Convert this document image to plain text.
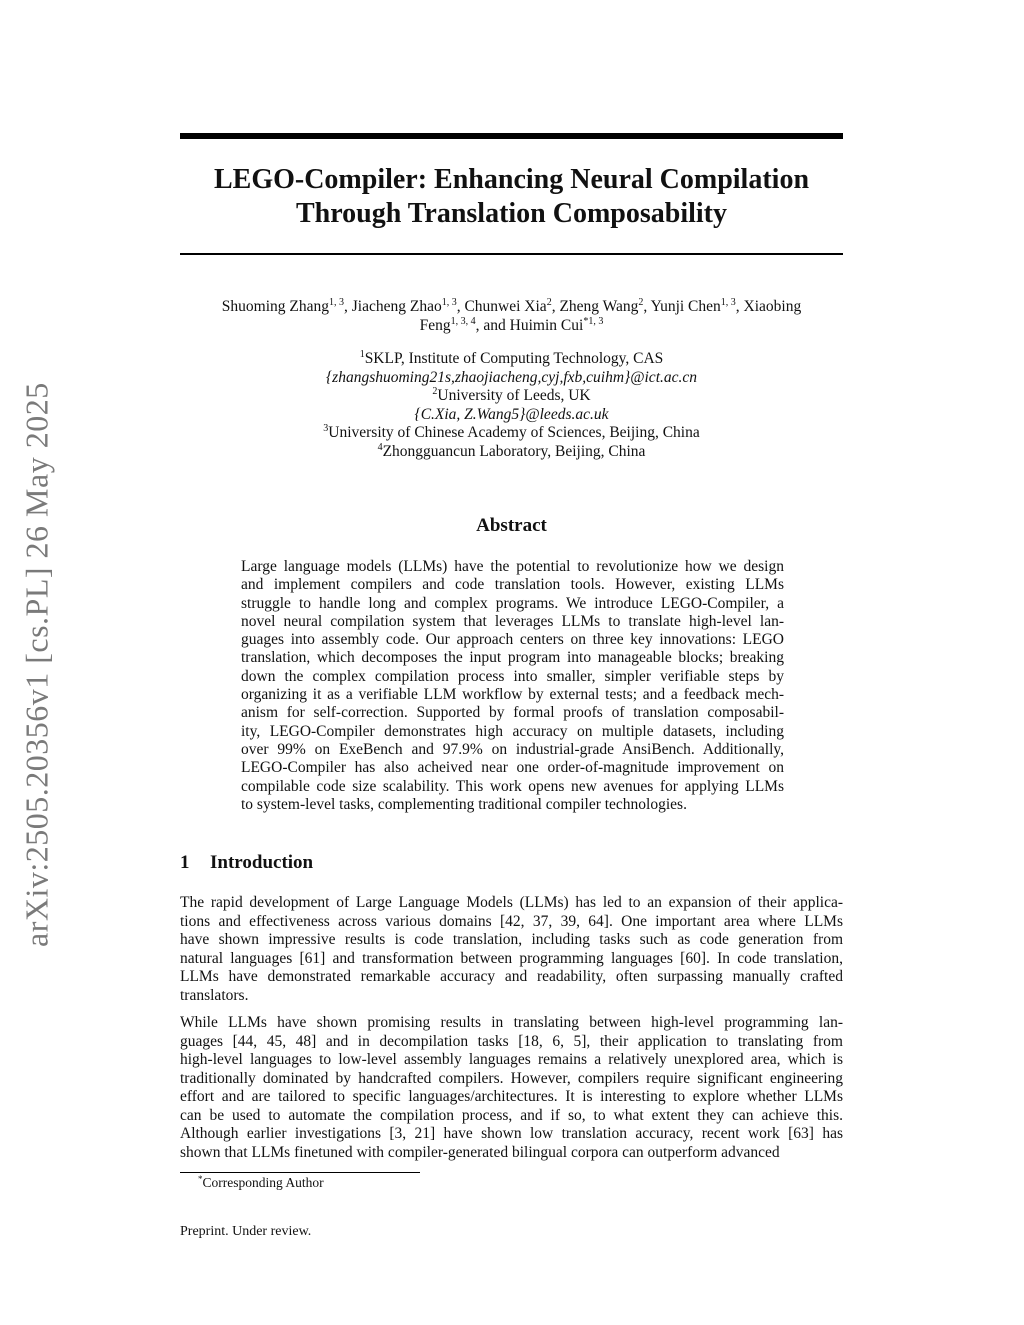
arXiv:2505.20356v1 [cs.PL] 26 May 2025
LEGO-Compiler: Enhancing Neural Compilation
Through Translation Composability
Shuoming Zhang$^{1, 3}$, Jiacheng Zhao$^{1, 3}$, Chunwei Xia$^2$, Zheng Wang$^2$, Yunji Chen$^{1, 3}$, Xiaobing
Feng$^{1, 3, 4}$, and Huimin Cui$^{*1, 3}$
$^1$SKLP, Institute of Computing Technology, CAS
{zhangshuoming21s,zhaojiacheng,cyj,fxb,cuihm}@ict.ac.cn
$^2$University of Leeds, UK
{C.Xia, Z.Wang5}@leeds.ac.uk
$^3$University of Chinese Academy of Sciences, Beijing, China
$^4$Zhongguancun Laboratory, Beijing, China
Abstract
Large language models (LLMs) have the potential to revolutionize how we design
and implement compilers and code translation tools. However, existing LLMs
struggle to handle long and complex programs. We introduce LEGO-Compiler, a
novel neural compilation system that leverages LLMs to translate high-level lan-
guages into assembly code. Our approach centers on three key innovations: LEGO
translation, which decomposes the input program into manageable blocks; breaking
down the complex compilation process into smaller, simpler verifiable steps by
organizing it as a verifiable LLM workflow by external tests; and a feedback mech-
anism for self-correction. Supported by formal proofs of translation composabil-
ity, LEGO-Compiler demonstrates high accuracy on multiple datasets, including
over 99% on ExeBench and 97.9% on industrial-grade AnsiBench. Additionally,
LEGO-Compiler has also acheived near one order-of-magnitude improvement on
compilable code size scalability. This work opens new avenues for applying LLMs
to system-level tasks, complementing traditional compiler technologies.
1 Introduction
The rapid development of Large Language Models (LLMs) has led to an expansion of their applica-
tions and effectiveness across various domains [42, 37, 39, 64]. One important area where LLMs
have shown impressive results is code translation, including tasks such as code generation from
natural languages [61] and transformation between programming languages [60]. In code translation,
LLMs have demonstrated remarkable accuracy and readability, often surpassing manually crafted
translators.
While LLMs have shown promising results in translating between high-level programming lan-
guages [44, 45, 48] and in decompilation tasks [18, 6, 5], their application to translating from
high-level languages to low-level assembly languages remains a relatively unexplored area, which is
traditionally dominated by handcrafted compilers. However, compilers require significant engineering
effort and are tailored to specific languages/architectures. It is interesting to explore whether LLMs
can be used to automate the compilation process, and if so, to what extent they can achieve this.
Although earlier investigations [3, 21] have shown low translation accuracy, recent work [63] has
shown that LLMs finetuned with compiler-generated bilingual corpora can outperform advanced
*Corresponding Author
Preprint. Under review.
